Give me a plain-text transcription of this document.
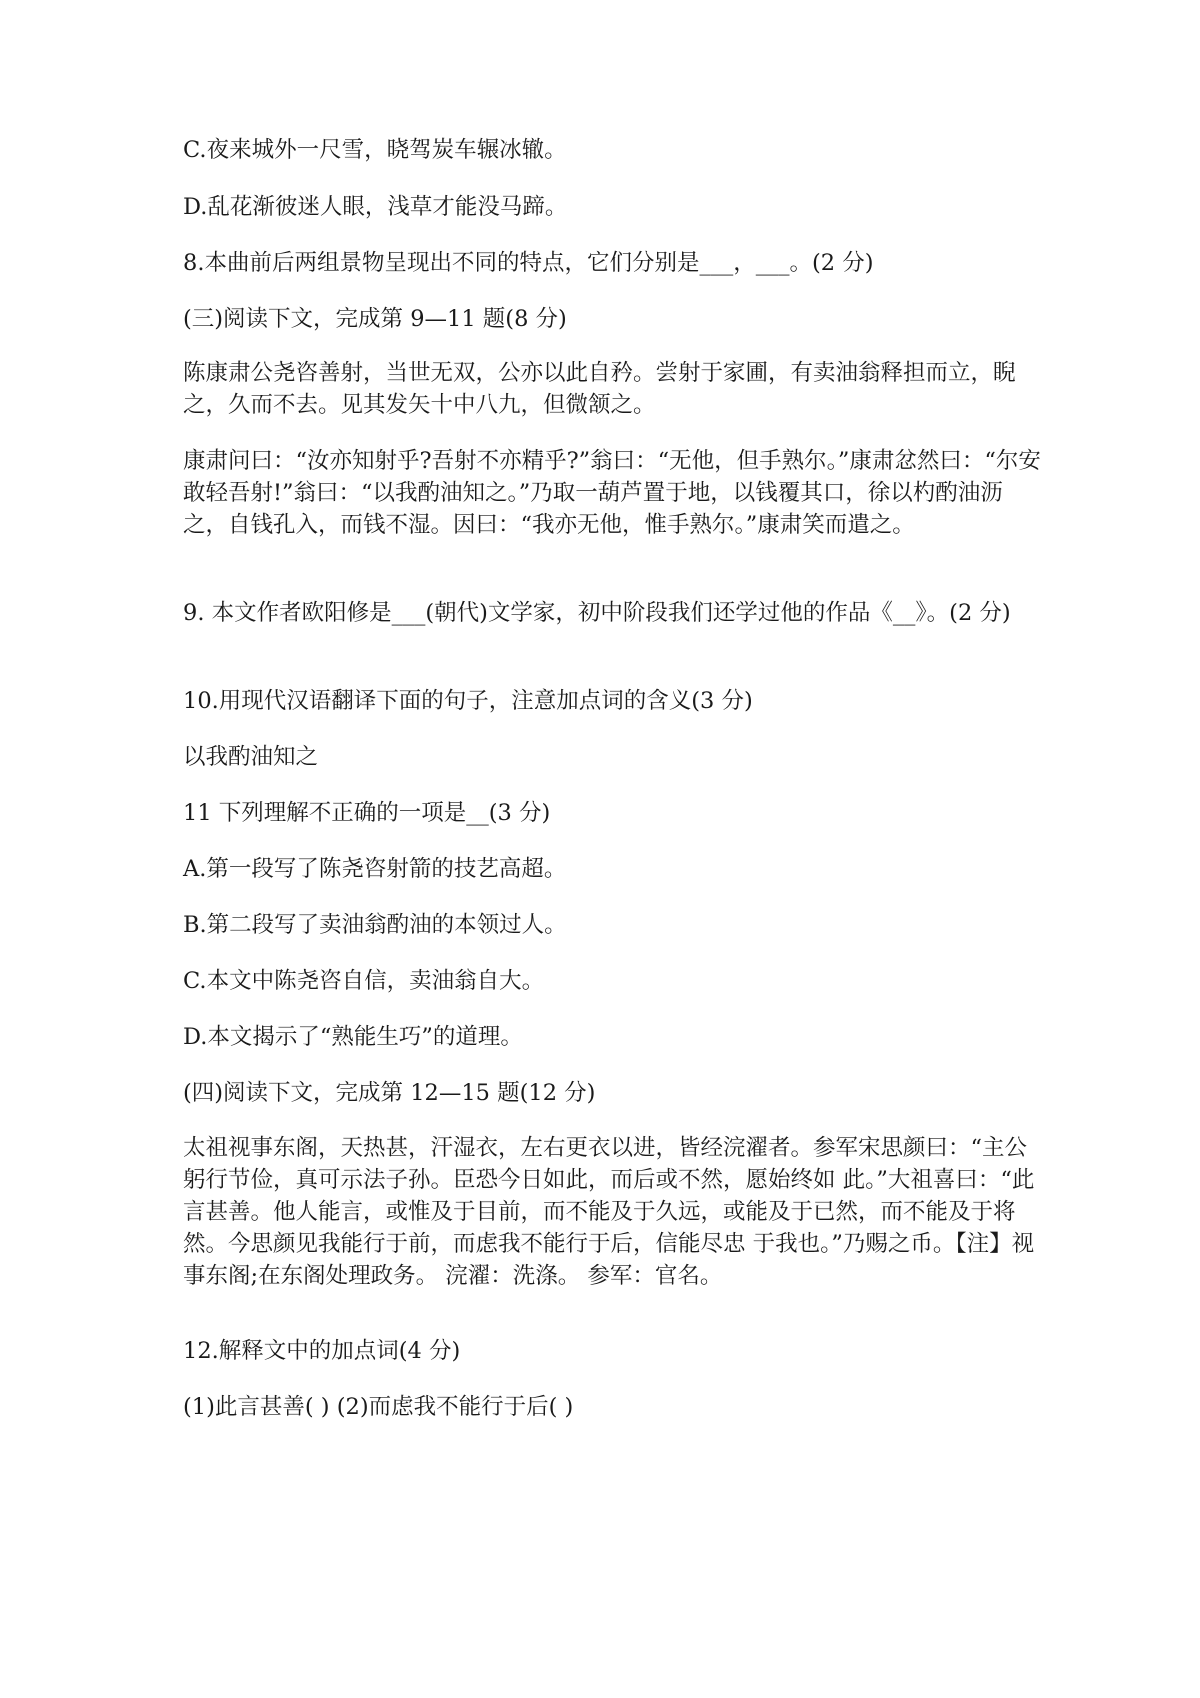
C.夜来城外一尺雪，晓驾炭车辗冰辙。

D.乱花渐彼迷人眼，浅草才能没马蹄。

8.本曲前后两组景物呈现出不同的特点，它们分别是___，___。(2 分)

(三)阅读下文，完成第 9—11 题(8 分)

陈康肃公尧咨善射，当世无双，公亦以此自矜。尝射于家圃，有卖油翁释担而立，睨之，久而不去。见其发矢十中八九，但微颔之。

康肃问曰：“汝亦知射乎?吾射不亦精乎?”翁曰：“无他，但手熟尔。”康肃忿然曰：“尔安敢轻吾射!”翁曰：“以我酌油知之。”乃取一葫芦置于地，以钱覆其口，徐以杓酌油沥之，自钱孔入，而钱不湿。因曰：“我亦无他，惟手熟尔。”康肃笑而遣之。

9. 本文作者欧阳修是___(朝代)文学家，初中阶段我们还学过他的作品《__》。(2 分)

10.用现代汉语翻译下面的句子，注意加点词的含义(3 分)

以我酌油知之

11 下列理解不正确的一项是__(3 分)

A.第一段写了陈尧咨射箭的技艺高超。

B.第二段写了卖油翁酌油的本领过人。

C.本文中陈尧咨自信，卖油翁自大。

D.本文揭示了“熟能生巧”的道理。

(四)阅读下文，完成第 12—15 题(12 分)

太祖视事东阁，天热甚，汗湿衣，左右更衣以进，皆经浣濯者。参军宋思颜曰：“主公躬行节俭，真可示法子孙。臣恐今日如此，而后或不然，愿始终如 此。”大祖喜曰：“此言甚善。他人能言，或惟及于目前，而不能及于久远，或能及于已然，而不能及于将然。今思颜见我能行于前，而虑我不能行于后，信能尽忠 于我也。”乃赐之币。【注】视事东阁;在东阁处理政务。 浣濯：洗涤。 参军：官名。

12.解释文中的加点词(4 分)

(1)此言甚善( ) (2)而虑我不能行于后( )
